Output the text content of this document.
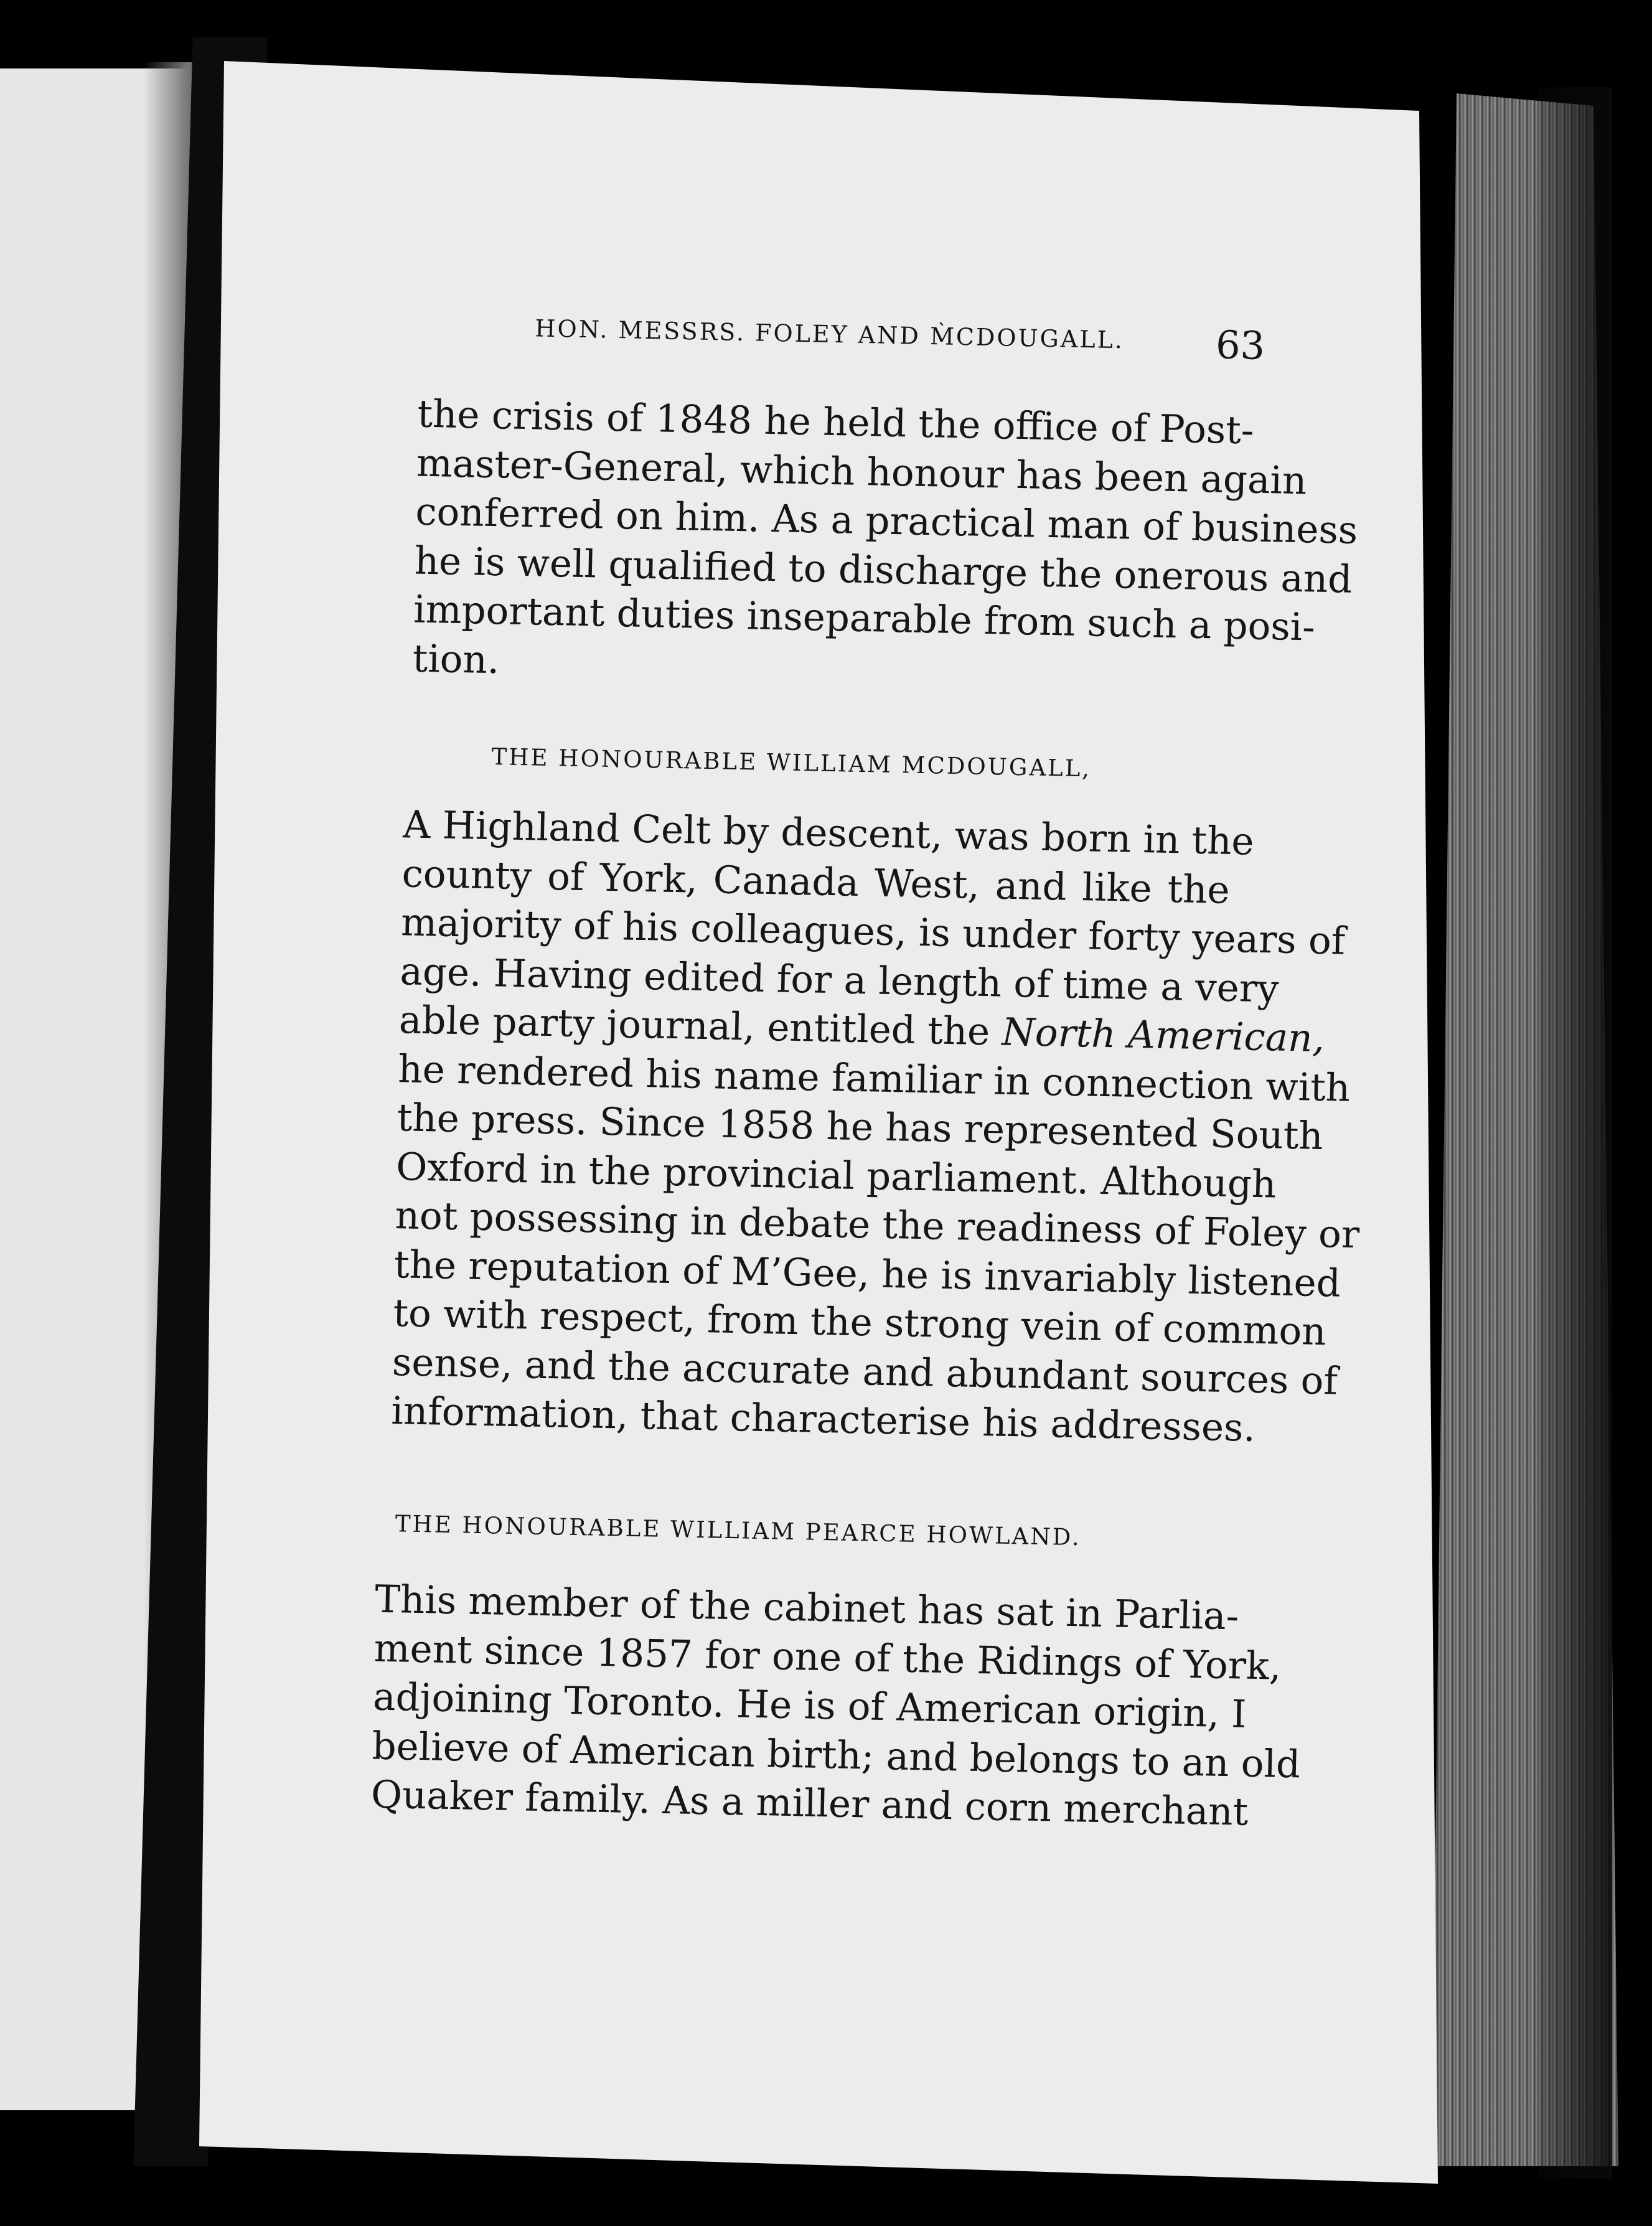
HON. MESSRS. FOLEY AND M̀CDOUGALL.	63
the crisis of 1848 he held the office of Post-
master-General, which honour has been again
conferred on him. As a practical man of business
he is well qualified to discharge the onerous and
important duties inseparable from such a posi-
tion.
THE HONOURABLE WILLIAM MCDOUGALL,
A Highland Celt by descent, was born in the
county of York, Canada West, and like the
majority of his colleagues, is under forty years of
age. Having edited for a length of time a very
able party journal, entitled the North American,
he rendered his name familiar in connection with
the press. Since 1858 he has represented South
Oxford in the provincial parliament. Although
not possessing in debate the readiness of Foley or
the reputation of M’Gee, he is invariably listened
to with respect, from the strong vein of common
sense, and the accurate and abundant sources of
information, that characterise his addresses.
THE HONOURABLE WILLIAM PEARCE HOWLAND.
This member of the cabinet has sat in Parlia-
ment since 1857 for one of the Ridings of York,
adjoining Toronto. He is of American origin, I
believe of American birth; and belongs to an old
Quaker family. As a miller and corn merchant
